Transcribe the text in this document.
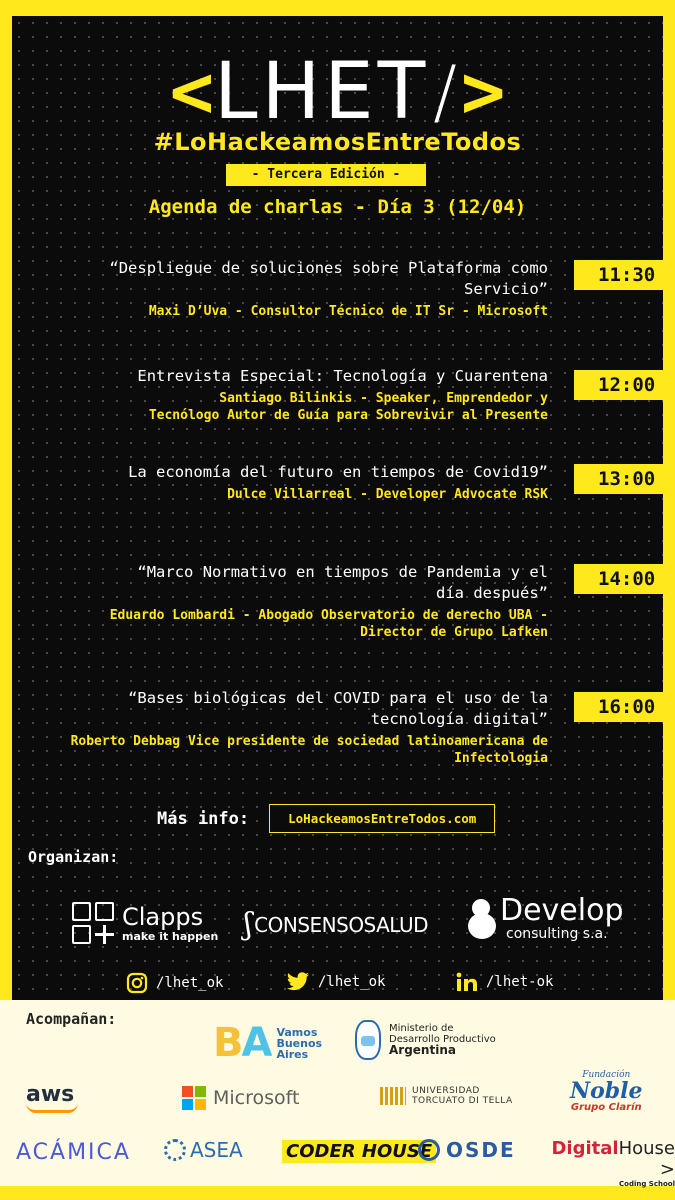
< LHET / >
#LoHackeamosEntreTodos
- Tercera Edición -
Agenda de charlas - Día 3 (12/04)
“Despliegue de soluciones sobre Plataforma como Servicio”
Maxi D’Uva - Consultor Técnico de IT Sr - Microsoft
11:30
Entrevista Especial: Tecnología y Cuarentena
Santiago Bilinkis - Speaker, Emprendedor y Tecnólogo Autor de Guía para Sobrevivir al Presente
12:00
La economía del futuro en tiempos de Covid19”
Dulce Villarreal - Developer Advocate RSK
13:00
“Marco Normativo en tiempos de Pandemia y el día después”
Eduardo Lombardi - Abogado Observatorio de derecho UBA - Director de Grupo Lafken
14:00
“Bases biológicas del COVID para el uso de la tecnología digital”
Roberto Debbag Vice presidente de sociedad latinoamericana de Infectologia
16:00
Más info:	LoHackeamosEntreTodos.com
Organizan:
Clapps
make it happen ʃ CONSENSOSALUD Develop
consulting s.a.
/lhet_ok	/lhet_ok	/lhet-ok
Acompañan:
BA Vamos Buenos Aires
Ministerio de
Desarrollo Productivo
Argentina
aws	Microsoft	UNIVERSIDAD
TORCUATO DI TELLA
Fundación
Noble
Grupo Clarín
ACÁMICA	ASEA CODER HOUSE OSDE DigitalHouse >
Coding School
